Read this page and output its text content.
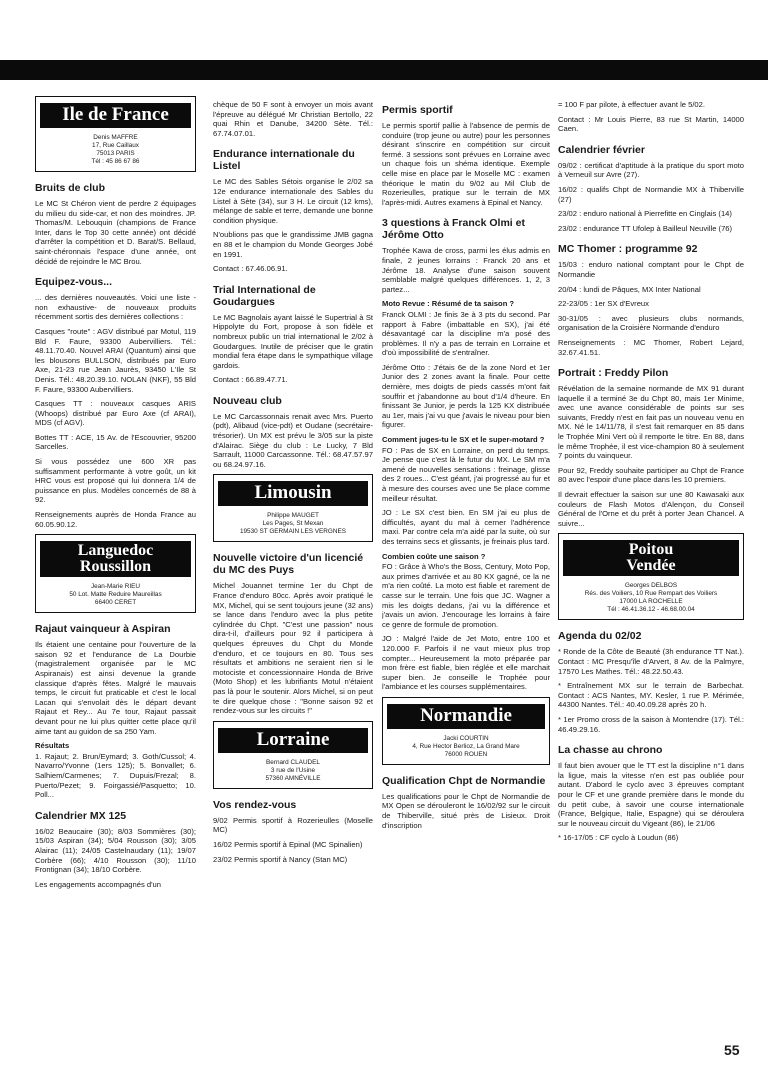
Ile de France
Denis MAFFRE
17, Rue Caillaux
75013 PARIS
Tél : 45 86 67 86
Bruits de club

Le MC St Chéron vient de perdre 2 équipages du milieu du side-car, et non des moindres. JP. Thomas/M. Lebouquin (champions de France Inter, dans le Top 30 cette année) ont décidé d'arrêter la compétition et D. Barat/S. Bellaud, saint-chéronnais l'espace d'une année, ont décidé de rejoindre le MC Brou.

Equipez-vous...

... des dernières nouveautés. Voici une liste -non exhaustive- de nouveaux produits récemment sortis des dernières collections :

Casques "route" : AGV distribué par Motul, 119 Bld F. Faure, 93300 Aubervilliers. Tél.: 48.11.70.40. Nouvel ARAI (Quantum) ainsi que les blousons BULLSON, distribués par Euro Axe, 21-23 rue Jean Jaurès, 93450 L'Ile St Denis. Tél.: 48.20.39.10. NOLAN (NKF), 55 Bld F. Faure, 93300 Aubervilliers.

Casques TT : nouveaux casques ARIS (Whoops) distribué par Euro Axe (cf ARAI), MDS (cf AGV).

Bottes TT : ACE, 15 Av. de l'Escouvrier, 95200 Sarcelles.

Si vous possédez une 600 XR pas suffisamment performante à votre goût, un kit HRC vous est proposé qui lui donnera 1/4 de puissance en plus. Modèles concernés de 88 à 92.

Renseignements auprès de Honda France au 60.05.90.12.

Languedoc
Roussillon
Jean-Marie RIEU
50 Lot. Matte Reduire Maureillas
66400 CERET
Rajaut vainqueur à Aspiran

Ils étaient une centaine pour l'ouverture de la saison 92 et l'endurance de La Dourbie (magistralement organisée par le MC Aspiranais) est ainsi devenue la grande classique d'après fêtes. Malgré le mauvais temps, le circuit fut praticable et c'est le local Lacan qui s'envolait dès le départ devant Rajaut et Rey... Au 7e tour, Rajaut passait devant pour ne lui plus quitter cette place qu'il aime tant au guidon de sa 250 Yam.

Résultats

1. Rajaut; 2. Brun/Eymard; 3. Goth/Cussol; 4. Navarro/Yvonne (1ers 125); 5. Bonvallet; 6. Salhiem/Carmenes; 7. Dupuis/Frezal; 8. Puerto/Pezet; 9. Foirgassié/Pasquetto; 10. Poll...

Calendrier MX 125

16/02 Beaucaire (30); 8/03 Sommières (30); 15/03 Aspiran (34); 5/04 Rousson (30); 3/05 Alairac (11); 24/05 Castelnaudary (11); 19/07 Corbère (66); 4/10 Rousson (30); 11/10 Frontignan (34); 18/10 Corbère.

Les engagements accompagnés d'un

chèque de 50 F sont à envoyer un mois avant l'épreuve au délégué Mr Christian Bertollo, 22 quai Rhin et Danube, 34200 Sète. Tél.: 67.74.07.01.

Endurance internationale du Listel

Le MC des Sables Sétois organise le 2/02 sa 12e endurance internationale des Sables du Listel à Sète (34), sur 3 H. Le circuit (12 kms), mélange de sable et terre, demande une bonne condition physique.

N'oublions pas que le grandissime JMB gagna en 88 et le champion du Monde Georges Jobé en 1991.

Contact : 67.46.06.91.

Trial International de Goudargues

Le MC Bagnolais ayant laissé le Supertrial à St Hippolyte du Fort, propose à son fidèle et nombreux public un trial international le 2/02 à Goudargues. Inutile de préciser que le gratin mondial fera étape dans le sympathique village gardois.

Contact : 66.89.47.71.

Nouveau club

Le MC Carcassonnais renait avec Mrs. Puerto (pdt), Alibaud (vice-pdt) et Oudane (secrétaire-trésorier). Un MX est prévu le 3/05 sur la piste d'Alairac. Siège du club : Le Lucky, 7 Bld Sarrault, 11000 Carcassonne. Tél.: 68.47.57.97 ou 68.24.97.16.

Limousin
Philippe MAUGET
Les Pages, St Mexan
19530 ST GERMAIN LES VERGNES
Nouvelle victoire d'un licencié du MC des Puys

Michel Jouannet termine 1er du Chpt de France d'enduro 80cc. Après avoir pratiqué le MX, Michel, qui se sent toujours jeune (32 ans) se lance dans l'enduro avec la plus petite cylindrée du Chpt. "C'est une passion" nous dira-t-il, d'ailleurs pour 92 il participera à quelques épreuves du Chpt du Monde d'enduro, et ce toujours en 80. Tous ses résultats et ambitions ne seraient rien si le motociste et concessionnaire Honda de Brive (Moto Shop) et les lubrifiants Motul n'étaient pas là pour le soutenir. Alors Michel, si on peut te dire quelque chose : "Bonne saison 92 et rendez-vous sur les circuits !"

Lorraine
Bernard CLAUDEL
3 rue de l'Usine
57360 AMNÉVILLE
Vos rendez-vous

9/02 Permis sportif à Rozerieulles (Moselle MC)

16/02 Permis sportif à Epinal (MC Spinalien)

23/02 Permis sportif à Nancy (Stan MC)

Permis sportif

Le permis sportif pallie à l'absence de permis de conduire (trop jeune ou autre) pour les personnes désirant s'inscrire en compétition sur circuit fermé. 3 sessions sont prévues en Lorraine avec un chaque fois un shéma identique. Exemple celle mise en place par le Moselle MC : examen théorique le matin du 9/02 au Mil Club de Rozerieulles, pratique sur le terrain de MX l'après-midi. Autres examens à Epinal et Nancy.

3 questions à Franck Olmi et Jérôme Otto

Trophée Kawa de cross, parmi les élus admis en finale, 2 jeunes lorrains : Franck 20 ans et Jérôme 18. Analyse d'une saison souvent semblable malgré quelques différences. 1, 2, 3 partez...

Moto Revue : Résumé de ta saison ?

Franck OLMI : Je finis 3e à 3 pts du second. Par rapport à Fabre (imbattable en SX), j'ai été désavantagé car la discipline m'a posé des problèmes. Il n'y a pas de terrain en Lorraine et d'où impossibilité de s'entraîner.

Jérôme Otto : J'étais 6e de la zone Nord et 1er Junior des 2 zones avant la finale. Pour cette dernière, mes doigts de pieds cassés m'ont fait souffrir et j'abandonne au bout d'1/4 d'heure. En finissant 3e Junior, je perds la 125 KX distribuée au 1er, mais j'ai vu que j'avais le niveau pour bien figurer.

Comment juges-tu le SX et le super-motard ?

FO : Pas de SX en Lorraine, on perd du temps. Je pense que c'est là le futur du MX. Le SM m'a amené de nouvelles sensations : freinage, glisse des 2 roues... C'est géant, j'ai progressé au fur et à mesure des courses avec une 5e place comme meilleur résultat.

JO : Le SX c'est bien. En SM j'ai eu plus de difficultés, ayant du mal à cerner l'adhérence maxi. Par contre cela m'a aidé par la suite, où sur des terrains secs et glissants, je freinais plus tard.

Combien coûte une saison ?

FO : Grâce à Who's the Boss, Century, Moto Pop, aux primes d'arrivée et au 80 KX gagné, ce la ne m'a rien coûté. La moto est fiable et rarement de casse sur le terrain. Une fois que JC. Wagner a mis les doigts dedans, j'ai vu la différence et j'avais un avion. J'encourage les lorrains à faire ce genre de formule de promotion.

JO : Malgré l'aide de Jet Moto, entre 100 et 120.000 F. Parfois il ne vaut mieux plus trop compter... Heureusement la moto préparée par mon frère est fiable, bien réglée et elle marchait super bien. Je conseille le Trophée pour l'ambiance et les courses supplémentaires.

Normandie
Jacki COURTIN
4, Rue Hector Berlioz, La Grand Mare
76000 ROUEN
Qualification Chpt de Normandie

Les qualifications pour le Chpt de Normandie de MX Open se dérouleront le 16/02/92 sur le circuit de Thiberville, situé près de Lisieux. Droit d'inscription

= 100 F par pilote, à effectuer avant le 5/02.

Contact : Mr Louis Pierre, 83 rue St Martin, 14000 Caen.

Calendrier février

09/02 : certificat d'aptitude à la pratique du sport moto à Verneuil sur Avre (27).

16/02 : qualifs Chpt de Normandie MX à Thiberville (27)

23/02 : enduro national à Pierrefitte en Cinglais (14)

23/02 : endurance TT Ufolep à Bailleul Neuville (76)

MC Thomer : programme 92

15/03 : enduro national comptant pour le Chpt de Normandie

20/04 : lundi de Pâques, MX Inter National

22-23/05 : 1er SX d'Evreux

30-31/05 : avec plusieurs clubs normands, organisation de la Croisière Normande d'enduro

Renseignements : MC Thomer, Robert Lejard, 32.67.41.51.

Portrait : Freddy Pilon

Révélation de la semaine normande de MX 91 durant laquelle il a terminé 3e du Chpt 80, mais 1er Minime, avec une avance considérable de points sur ses suivants, Freddy n'est en fait pas un nouveau venu en MX. Né le 14/11/78, il s'est fait remarquer en 85 dans le Trophée Mini Vert où il remporte le titre. En 88, dans le même Trophée, il est vice-champion 80 à seulement 7 points du vainqueur.

Pour 92, Freddy souhaite participer au Chpt de France 80 avec l'espoir d'une place dans les 10 premiers.

Il devrait effectuer la saison sur une 80 Kawasaki aux couleurs de Flash Motos d'Alençon, du Conseil Général de l'Orne et du prêt à porter Jean Chancel. A suivre...

Poitou
Vendée
Georges DELBOS
Rés. des Voiliers, 10 Rue Rempart des Voiliers
17000 LA ROCHELLE
Tél : 46.41.36.12 - 46.68.00.04
Agenda du 02/02

* Ronde de la Côte de Beauté (3h endurance TT Nat.). Contact : MC Presqu'île d'Arvert, 8 Av. de la Palmyre, 17570 Les Mathes. Tél.: 48.22.50.43.

* Entraînement MX sur le terrain de Barbechat. Contact : ACS Nantes, MY. Kesler, 1 rue P. Mérimée, 44300 Nantes. Tél.: 40.40.09.28 après 20 h.

* 1er Promo cross de la saison à Montendre (17). Tél.: 46.49.29.16.

La chasse au chrono

Il faut bien avouer que le TT est la discipline n°1 dans la ligue, mais la vitesse n'en est pas oubliée pour autant. D'abord le cyclo avec 3 épreuves comptant pour le CF et une grande première dans le monde du du petit cube, à savoir une course internationale (France, Belgique, Italie, Espagne) qui se déroulera sur le nouveau circuit du Vigeant (86), le 21/06

* 16-17/05 : CF cyclo à Loudun (86)

55
